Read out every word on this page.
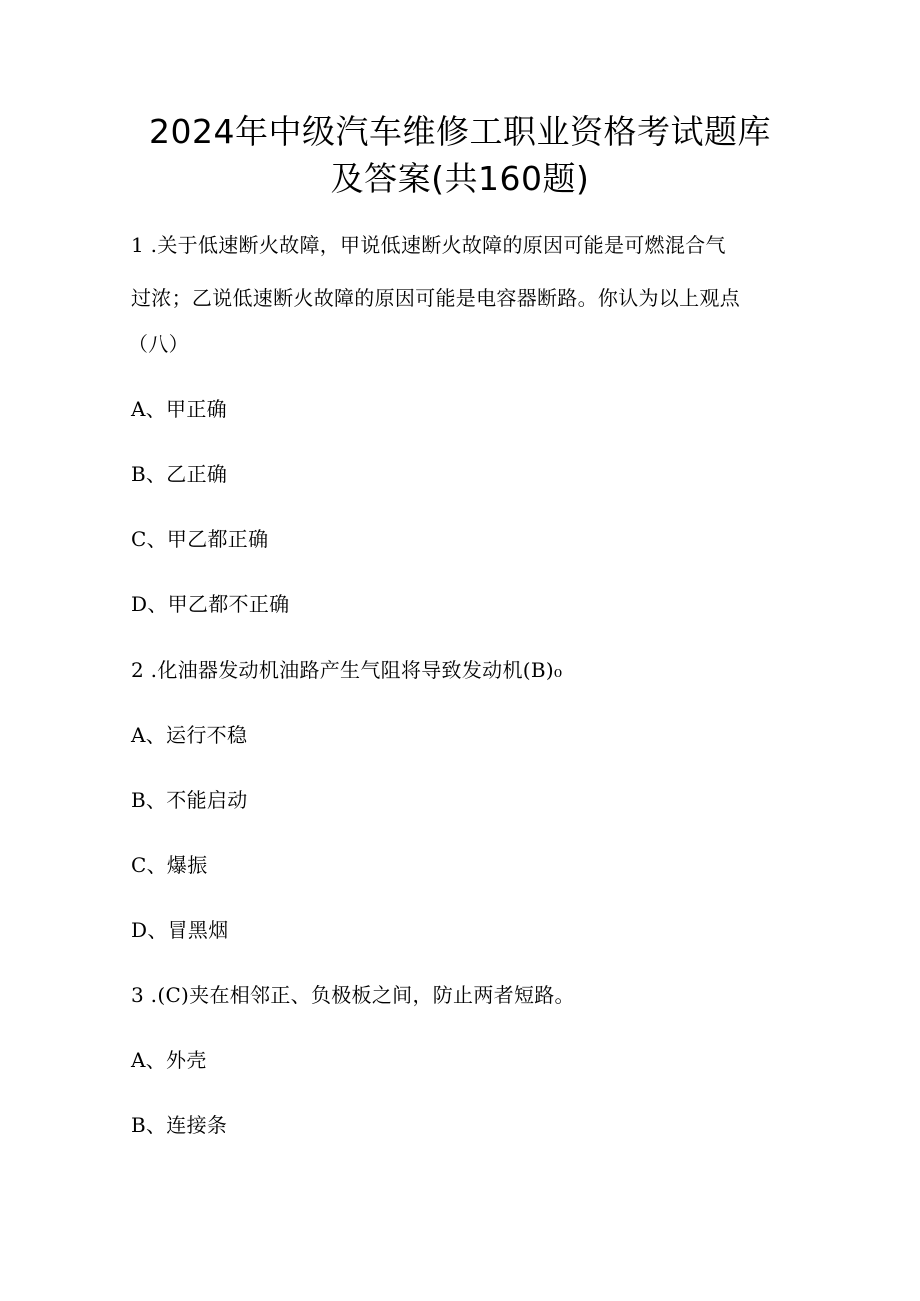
2024年中级汽车维修工职业资格考试题库
及答案(共160题)
1 .关于低速断火故障，甲说低速断火故障的原因可能是可燃混合气
过浓；乙说低速断火故障的原因可能是电容器断路。你认为以上观点
（八）
A、甲正确
B、乙正确
C、甲乙都正确
D、甲乙都不正确
2 .化油器发动机油路产生气阻将导致发动机(B)₀
A、运行不稳
B、不能启动
C、爆振
D、冒黑烟
3 .(C)夹在相邻正、负极板之间，防止两者短路。
A、外壳
B、连接条
